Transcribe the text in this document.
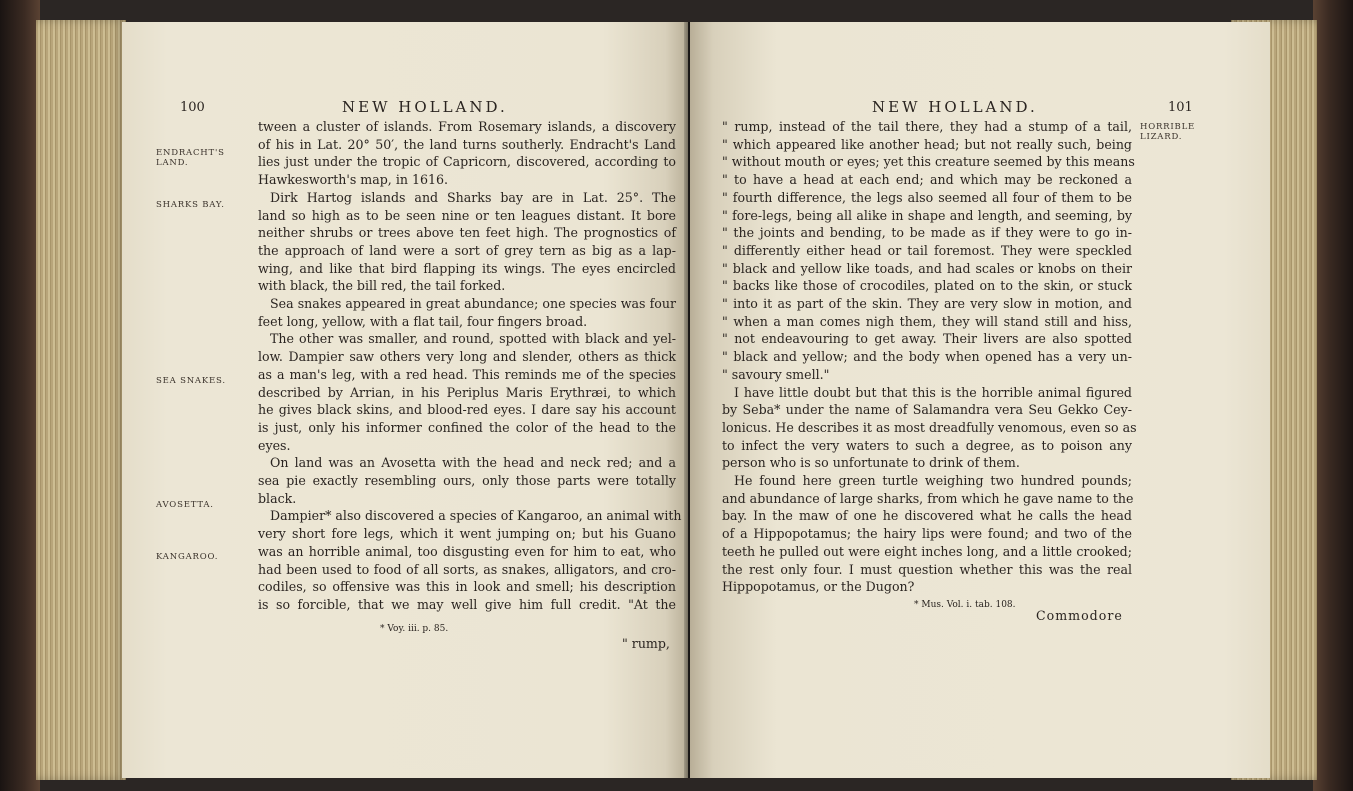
100	NEW HOLLAND.
ENDRACHT'S LAND.
SHARKS BAY.
SEA SNAKES.
AVOSETTA.
KANGAROO.
tween a cluster of islands. From Rosemary islands, a discovery
of his in Lat. 20° 50′, the land turns southerly. Endracht's Land
lies just under the tropic of Capricorn, discovered, according to
Hawkesworth's map, in 1616.
Dirk Hartog islands and Sharks bay are in Lat. 25°. The
land so high as to be seen nine or ten leagues distant. It bore
neither shrubs or trees above ten feet high. The prognostics of
the approach of land were a sort of grey tern as big as a lap-
wing, and like that bird flapping its wings. The eyes encircled
with black, the bill red, the tail forked.
Sea snakes appeared in great abundance; one species was four
feet long, yellow, with a flat tail, four fingers broad.
The other was smaller, and round, spotted with black and yel-
low. Dampier saw others very long and slender, others as thick
as a man's leg, with a red head. This reminds me of the species
described by Arrian, in his Periplus Maris Erythræi, to which
he gives black skins, and blood-red eyes. I dare say his account
is just, only his informer confined the color of the head to the
eyes.
On land was an Avosetta with the head and neck red; and a
sea pie exactly resembling ours, only those parts were totally
black.
Dampier* also discovered a species of Kangaroo, an animal with
very short fore legs, which it went jumping on; but his Guano
was an horrible animal, too disgusting even for him to eat, who
had been used to food of all sorts, as snakes, alligators, and cro-
codiles, so offensive was this in look and smell; his description
is so forcible, that we may well give him full credit. "At the
* Voy. iii. p. 85.
" rump,
NEW HOLLAND.	101
HORRIBLE LIZARD.
" rump, instead of the tail there, they had a stump of a tail,
" which appeared like another head; but not really such, being
" without mouth or eyes; yet this creature seemed by this means
" to have a head at each end; and which may be reckoned a
" fourth difference, the legs also seemed all four of them to be
" fore-legs, being all alike in shape and length, and seeming, by
" the joints and bending, to be made as if they were to go in-
" differently either head or tail foremost. They were speckled
" black and yellow like toads, and had scales or knobs on their
" backs like those of crocodiles, plated on to the skin, or stuck
" into it as part of the skin. They are very slow in motion, and
" when a man comes nigh them, they will stand still and hiss,
" not endeavouring to get away. Their livers are also spotted
" black and yellow; and the body when opened has a very un-
" savoury smell."
I have little doubt but that this is the horrible animal figured
by Seba* under the name of Salamandra vera Seu Gekko Cey-
lonicus. He describes it as most dreadfully venomous, even so as
to infect the very waters to such a degree, as to poison any
person who is so unfortunate to drink of them.
He found here green turtle weighing two hundred pounds;
and abundance of large sharks, from which he gave name to the
bay. In the maw of one he discovered what he calls the head
of a Hippopotamus; the hairy lips were found; and two of the
teeth he pulled out were eight inches long, and a little crooked;
the rest only four. I must question whether this was the real
Hippopotamus, or the Dugon?
* Mus. Vol. i. tab. 108.
Commodore
